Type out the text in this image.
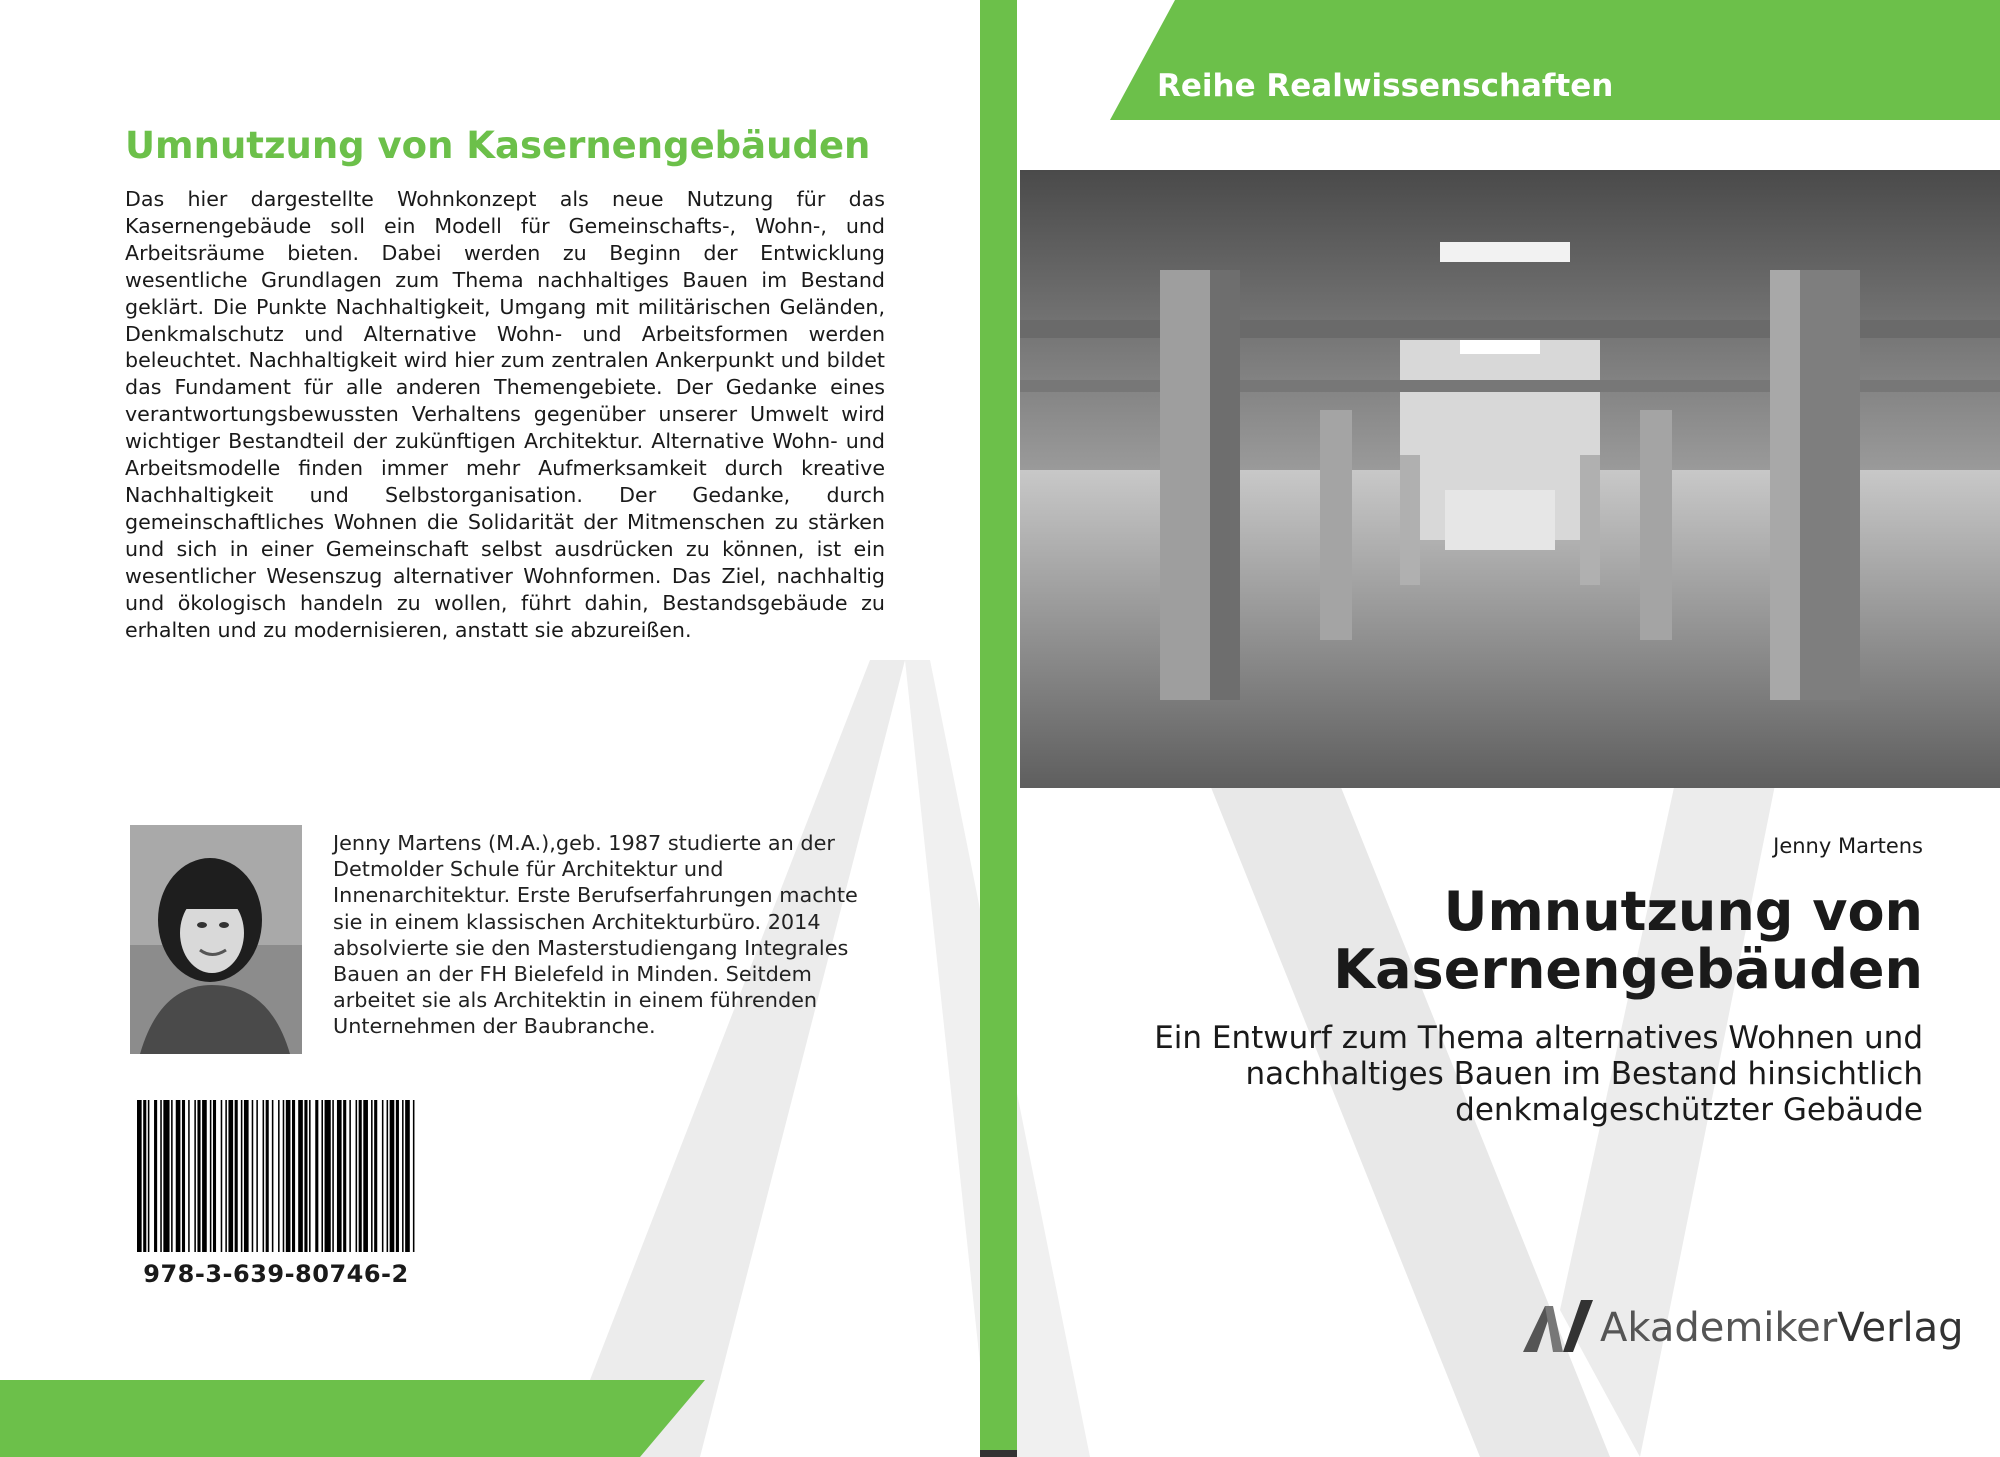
Umnutzung von Kasernengebäuden
Das hier dargestellte Wohnkonzept als neue Nutzung für das Kasernengebäude soll ein Modell für Gemeinschafts-, Wohn-, und Arbeitsräume bieten. Dabei werden zu Beginn der Entwicklung wesentliche Grundlagen zum Thema nachhaltiges Bauen im Bestand geklärt. Die Punkte Nachhaltigkeit, Umgang mit militärischen Geländen, Denkmalschutz und Alternative Wohn- und Arbeitsformen werden beleuchtet. Nachhaltigkeit wird hier zum zentralen Ankerpunkt und bildet das Fundament für alle anderen Themengebiete. Der Gedanke eines verantwortungsbewussten Verhaltens gegenüber unserer Umwelt wird wichtiger Bestandteil der zukünftigen Architektur. Alternative Wohn- und Arbeitsmodelle finden immer mehr Aufmerksamkeit durch kreative Nachhaltigkeit und Selbstorganisation. Der Gedanke, durch gemeinschaftliches Wohnen die Solidarität der Mitmenschen zu stärken und sich in einer Gemeinschaft selbst ausdrücken zu können, ist ein wesentlicher Wesenszug alternativer Wohnformen. Das Ziel, nachhaltig und ökologisch handeln zu wollen, führt dahin, Bestandsgebäude zu erhalten und zu modernisieren, anstatt sie abzureißen.
Jenny Martens (M.A.),geb. 1987 studierte an der Detmolder Schule für Architektur und Innenarchitektur. Erste Berufserfahrungen machte sie in einem klassischen Architekturbüro. 2014 absolvierte sie den Masterstudiengang Integrales Bauen an der FH Bielefeld in Minden. Seitdem arbeitet sie als Architektin in einem führenden Unternehmen der Baubranche.
978-3-639-80746-2
Reihe Realwissenschaften
Jenny Martens
Umnutzung von
Kasernengebäuden
Ein Entwurf zum Thema alternatives Wohnen und
nachhaltiges Bauen im Bestand hinsichtlich
denkmalgeschützter Gebäude
AkademikerVerlag
